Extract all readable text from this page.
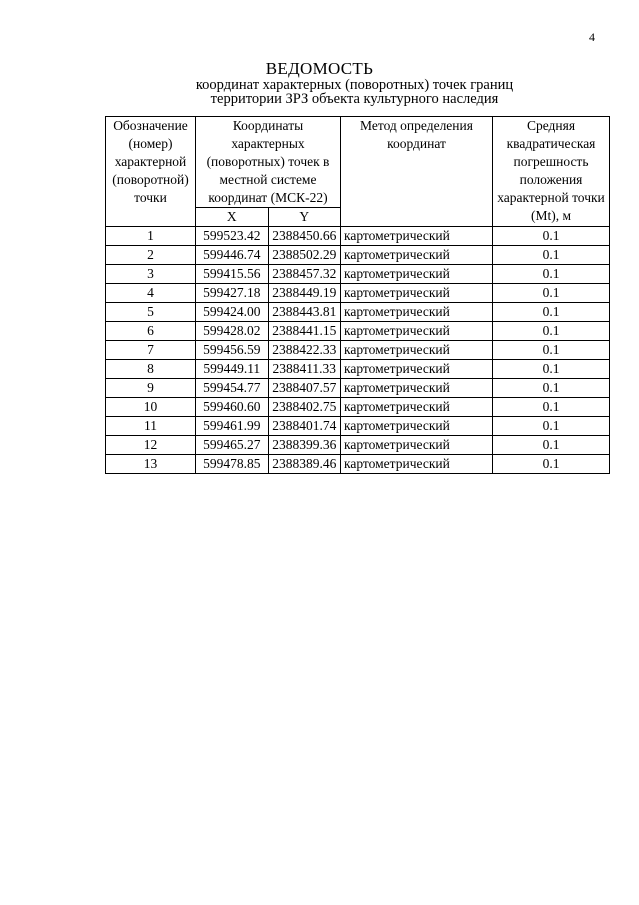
4
ВЕДОМОСТЬ
координат характерных (поворотных) точек границ
территории ЗРЗ объекта культурного наследия
Обозначение (номер) характерной (поворотной) точки	Координаты характерных (поворотных) точек в местной системе координат (МСК-22)		Метод определения координат	Средняя квадратическая погрешность положения характерной точки (Mt), м
	X	Y		
1	599523.42	2388450.66	картометрический	0.1
2	599446.74	2388502.29	картометрический	0.1
3	599415.56	2388457.32	картометрический	0.1
4	599427.18	2388449.19	картометрический	0.1
5	599424.00	2388443.81	картометрический	0.1
6	599428.02	2388441.15	картометрический	0.1
7	599456.59	2388422.33	картометрический	0.1
8	599449.11	2388411.33	картометрический	0.1
9	599454.77	2388407.57	картометрический	0.1
10	599460.60	2388402.75	картометрический	0.1
11	599461.99	2388401.74	картометрический	0.1
12	599465.27	2388399.36	картометрический	0.1
13	599478.85	2388389.46	картометрический	0.1
